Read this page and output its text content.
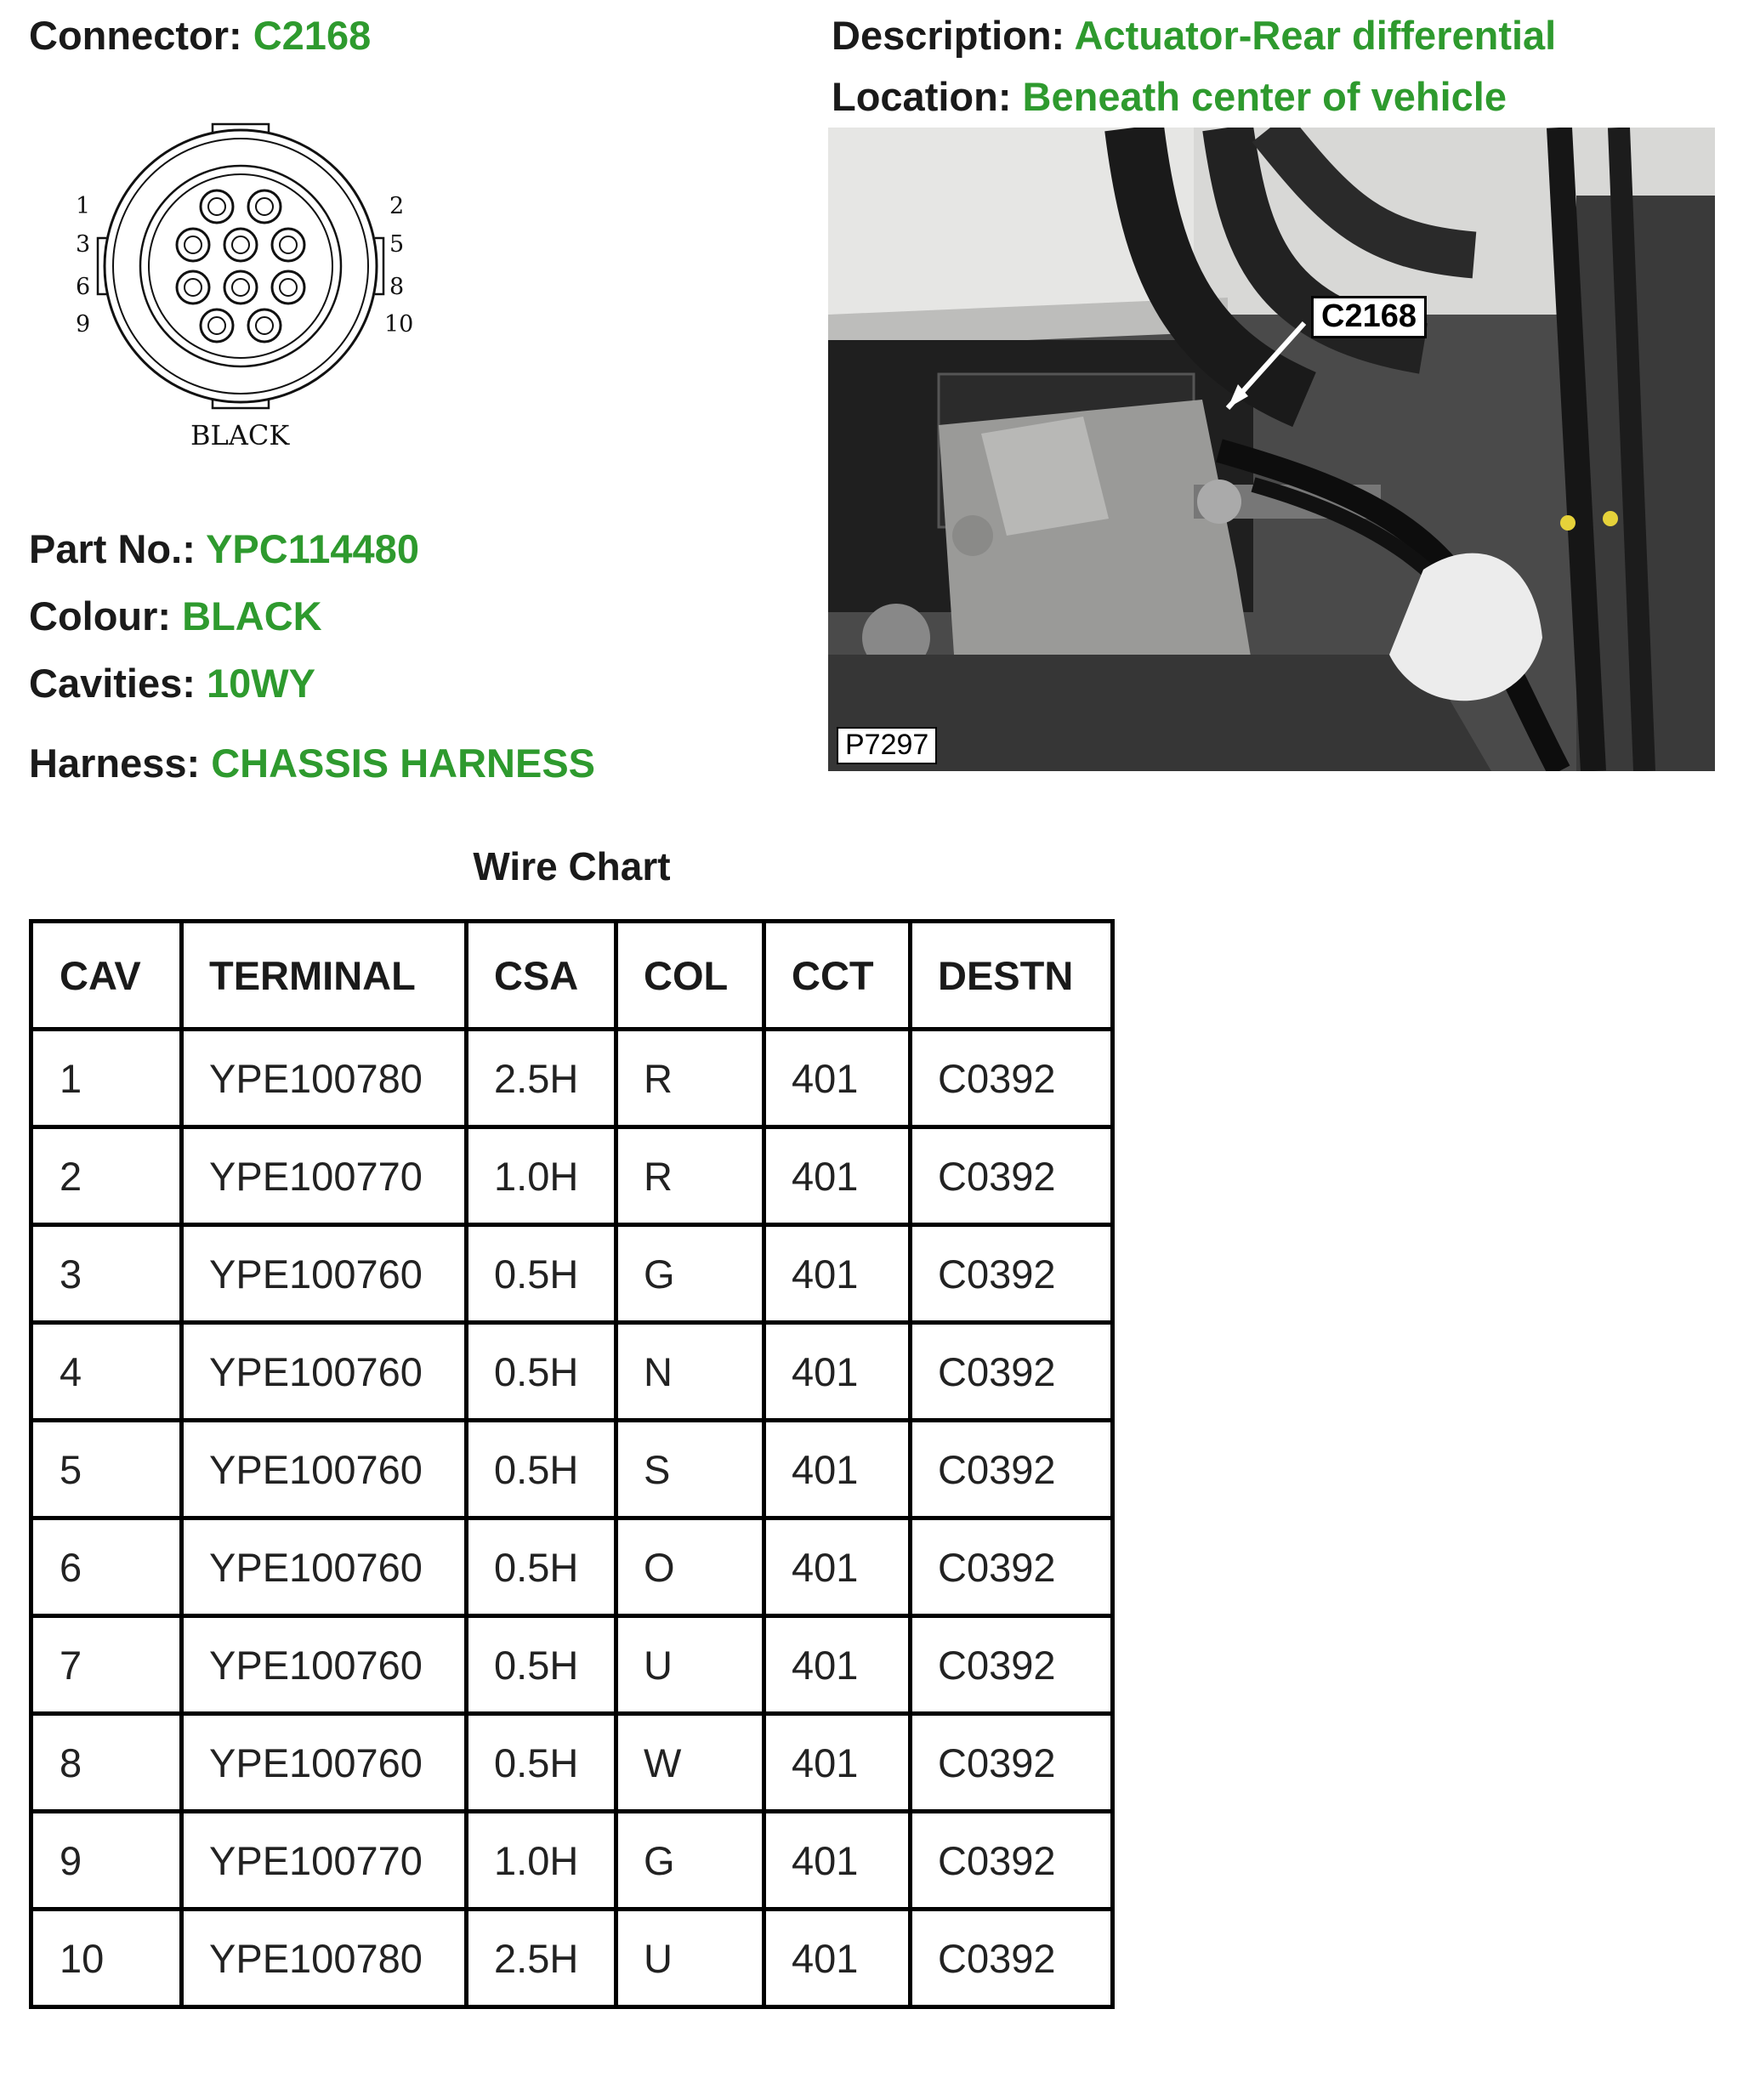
Connector: C2168	Description: Actuator-Rear differential
Location: Beneath center of vehicle
1
3
6
9
2
5
8
10
BLACK
C2168
P7297
Part No.: YPC114480
Colour: BLACK
Cavities: 10WY
Harness: CHASSIS HARNESS
Wire Chart
CAV	TERMINAL	CSA	COL	CCT	DESTN
1	YPE100780	2.5H	R	401	C0392
2	YPE100770	1.0H	R	401	C0392
3	YPE100760	0.5H	G	401	C0392
4	YPE100760	0.5H	N	401	C0392
5	YPE100760	0.5H	S	401	C0392
6	YPE100760	0.5H	O	401	C0392
7	YPE100760	0.5H	U	401	C0392
8	YPE100760	0.5H	W	401	C0392
9	YPE100770	1.0H	G	401	C0392
10	YPE100780	2.5H	U	401	C0392
